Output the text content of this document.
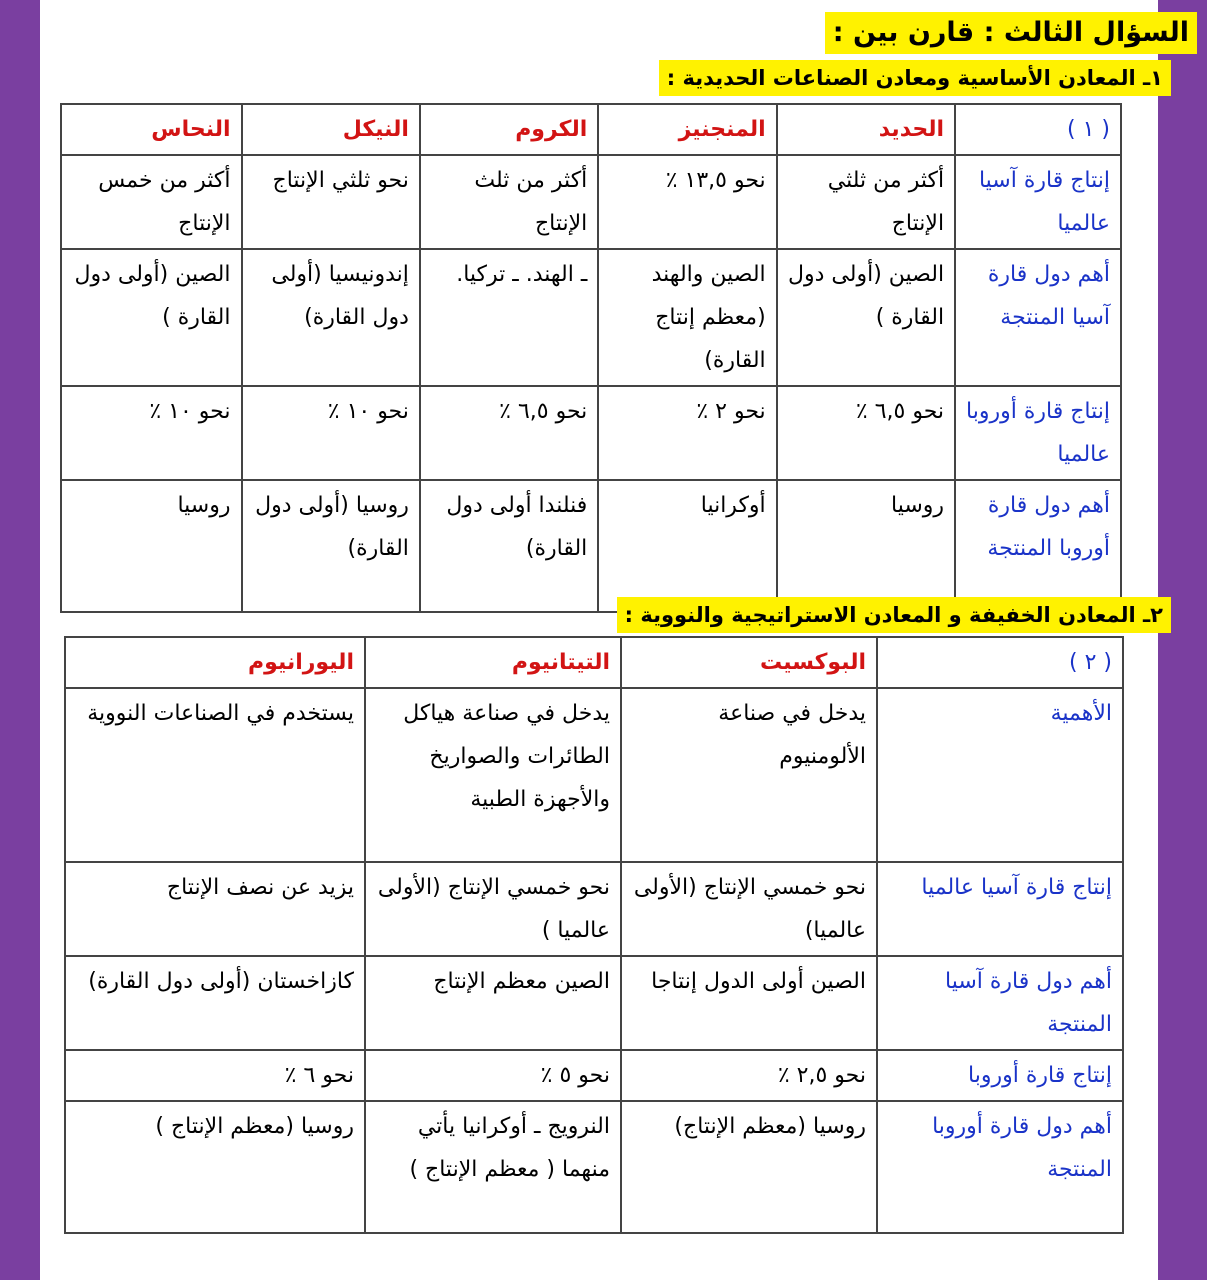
السؤال الثالث : قارن بين :
١ـ المعادن الأساسية ومعادن الصناعات الحديدية :
( ١ )	الحديد	المنجنيز	الكروم	النيكل	النحاس
إنتاج قارة آسيا عالميا	أكثر من ثلثي الإنتاج	نحو ١٣,٥ ٪	أكثر من ثلث الإنتاج	نحو ثلثي الإنتاج	أكثر من خمس الإنتاج
أهم دول قارة آسيا المنتجة	الصين (أولى دول القارة )	الصين والهند (معظم إنتاج القارة)	ـ الهند. ـ تركيا.	إندونيسيا (أولى دول القارة)	الصين (أولى دول القارة )
إنتاج قارة أوروبا عالميا	نحو ٦,٥ ٪	نحو ٢ ٪	نحو ٦,٥ ٪	نحو ١٠ ٪	نحو ١٠ ٪
أهم دول قارة أوروبا المنتجة	روسيا	أوكرانيا	فنلندا أولى دول القارة)	روسيا (أولى دول القارة)	روسيا
٢ـ المعادن الخفيفة و المعادن الاستراتيجية والنووية :
( ٢ )	البوكسيت	التيتانيوم	اليورانيوم
الأهمية	يدخل في صناعة الألومنيوم	يدخل في صناعة هياكل الطائرات والصواريخ والأجهزة الطبية	يستخدم في الصناعات النووية
إنتاج قارة آسيا عالميا	نحو خمسي الإنتاج (الأولى عالميا)	نحو خمسي الإنتاج (الأولى عالميا )	يزيد عن نصف الإنتاج
أهم دول قارة آسيا المنتجة	الصين أولى الدول إنتاجا	الصين معظم الإنتاج	كازاخستان (أولى دول القارة)
إنتاج قارة أوروبا	نحو ٢,٥ ٪	نحو ٥ ٪	نحو ٦ ٪
أهم دول قارة أوروبا المنتجة	روسيا (معظم الإنتاج)	النرويج ـ أوكرانيا يأتي منهما ( معظم الإنتاج )	روسيا (معظم الإنتاج )
